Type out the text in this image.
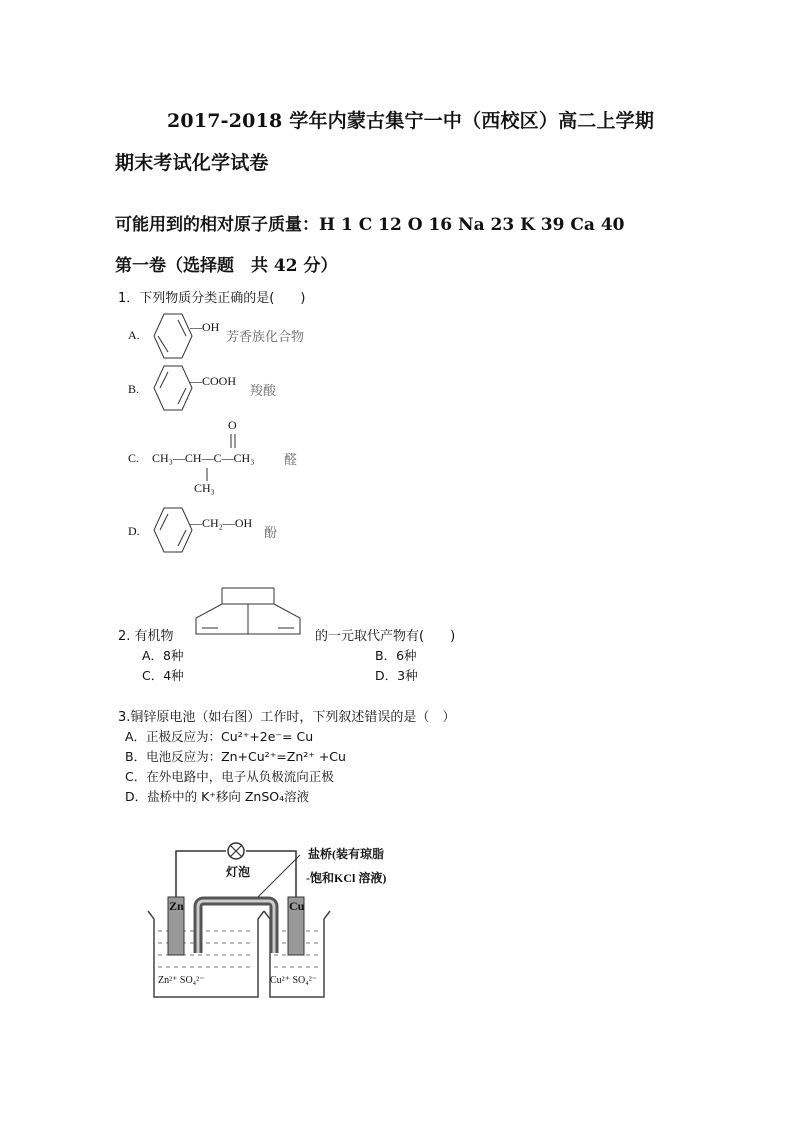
2017-2018 学年内蒙古集宁一中（西校区）高二上学期
期末考试化学试卷
可能用到的相对原子质量：H 1 C 12 O 16 Na 23 K 39 Ca 40
第一卷（选择题　共 42 分）
1．下列物质分类正确的是(　　)
A.
—OH
芳香族化合物
B.
—COOH
羧酸
C.
O
CH₃—CH—C—CH₃
CH₃
醛
D.
—CH₂—OH
酚
2. 有机物	的一元取代产物有(　　)
A．8种	B．6种
C．4种	D．3种
3.铜锌原电池（如右图）工作时，下列叙述错误的是（　）
A．正极反应为：Cu²⁺+2e⁻= Cu
B．电池反应为：Zn+Cu²⁺=Zn²⁺ +Cu
C．在外电路中，电子从负极流向正极
D．盐桥中的 K⁺移向 ZnSO₄溶液
灯泡
盐桥(装有琼脂
-饱和KCl 溶液)
Zn	Cu
Zn²⁺ SO₄²⁻	Cu²⁺ SO₄²⁻
